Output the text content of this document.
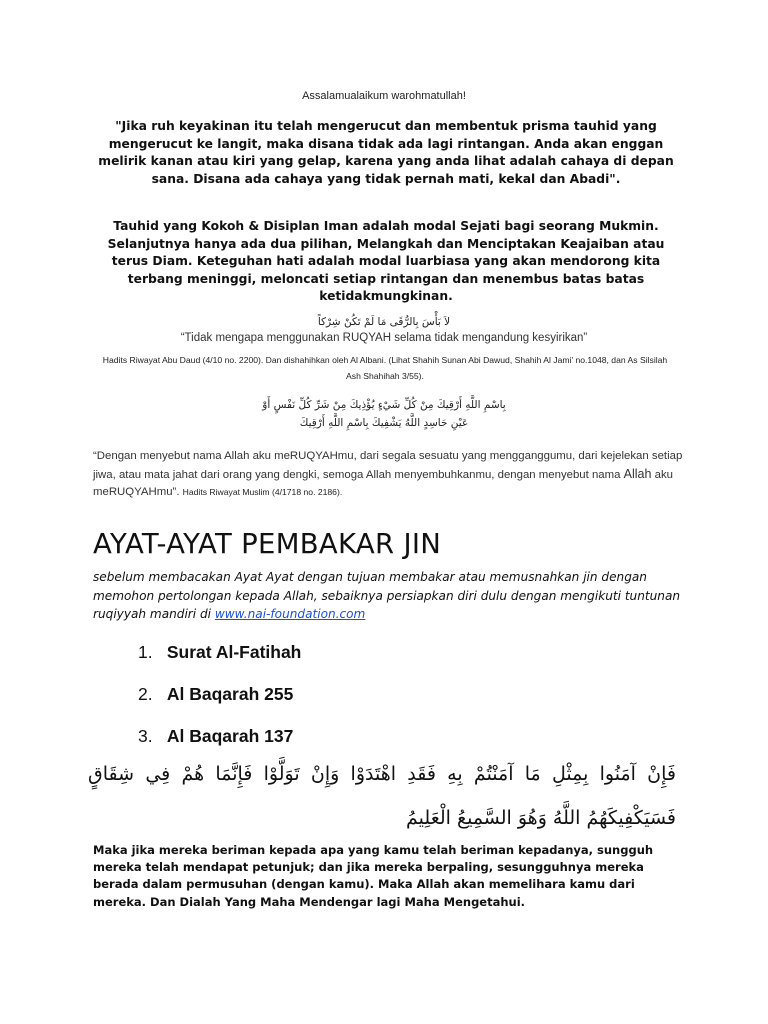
Assalamualaikum warohmatullah!
"Jika ruh keyakinan itu telah mengerucut dan membentuk prisma tauhid yang mengerucut ke langit, maka disana tidak ada lagi rintangan. Anda akan enggan melirik kanan atau kiri yang gelap, karena yang anda lihat adalah cahaya di depan sana. Disana ada cahaya yang tidak pernah mati, kekal dan Abadi".
Tauhid yang Kokoh & Disiplan Iman adalah modal Sejati bagi seorang Mukmin. Selanjutnya hanya ada dua pilihan, Melangkah dan Menciptakan Keajaiban atau terus Diam. Keteguhan hati adalah modal luarbiasa yang akan mendorong kita terbang meninggi, meloncati setiap rintangan dan menembus batas batas ketidakmungkinan.
لاَ بَأْسَ بِالرُّقَى مَا لَمْ تَكُنْ شِرْكاً
“Tidak mengapa menggunakan RUQYAH selama tidak mengandung kesyirikan”
Hadits Riwayat Abu Daud (4/10 no. 2200). Dan dishahihkan oleh Al Albani. (Lihat Shahih Sunan Abi Dawud, Shahih Al Jami' no.1048, dan As Silsilah Ash Shahihah 3/55).
بِاسْمِ اللَّهِ أَرْقِيكَ مِنْ كُلِّ شَيْءٍ يُؤْذِيكَ مِنْ شَرِّ كُلِّ نَفْسٍ أَوْ
عَيْنِ حَاسِدٍ اللَّهُ يَشْفِيكَ بِاسْمِ اللَّهِ أَرْقِيكَ
“Dengan menyebut nama Allah aku meRUQYAHmu, dari segala sesuatu yang mengganggumu, dari kejelekan setiap jiwa, atau mata jahat dari orang yang dengki, semoga Allah menyembuhkanmu, dengan menyebut nama Allah aku meRUQYAHmu”. Hadits Riwayat Muslim (4/1718 no. 2186).
AYAT-AYAT PEMBAKAR JIN
sebelum membacakan Ayat Ayat dengan tujuan membakar atau memusnahkan jin dengan memohon pertolongan kepada Allah, sebaiknya persiapkan diri dulu dengan mengikuti tuntunan ruqiyyah mandiri di www.nai-foundation.com
1. Surat Al-Fatihah
2. Al Baqarah 255
3. Al Baqarah 137
فَإِنْ آمَنُوا بِمِثْلِ مَا آمَنْتُمْ بِهِ فَقَدِ اهْتَدَوْا وَإِنْ تَوَلَّوْا فَإِنَّمَا هُمْ فِي شِقَاقٍ فَسَيَكْفِيكَهُمُ اللَّهُ وَهُوَ السَّمِيعُ الْعَلِيمُ
Maka jika mereka beriman kepada apa yang kamu telah beriman kepadanya, sungguh mereka telah mendapat petunjuk; dan jika mereka berpaling, sesungguhnya mereka berada dalam permusuhan (dengan kamu). Maka Allah akan memelihara kamu dari mereka. Dan Dialah Yang Maha Mendengar lagi Maha Mengetahui.
